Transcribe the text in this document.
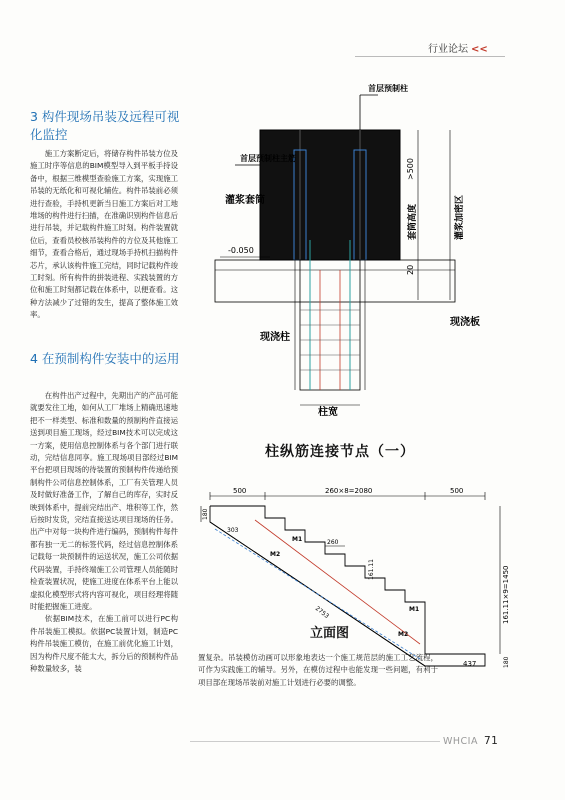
行业论坛 <<
3 构件现场吊装及远程可视化监控

施工方案断定后，将储存构件吊装方位及施工时序等信息的BIM模型导入到平板手持设备中，根据三维模型查验施工方案，实现施工吊装的无纸化和可视化辅佐。构件吊装前必须进行查验，手持机更新当日施工方案后对工地堆场的构件进行扫描，在准确识别构件信息后进行吊装，并记载构件施工时刻。构件装置就位后，查看员校核吊装构件的方位及其他施工细节，查看合格后，通过现场手持机扫描构件芯片，承认该构件施工完结，同时记载构件竣工时刻。所有构件的拼装进程、实践装置的方位和施工时刻都记载在体系中，以便查看。这种方法减少了过错的发生，提高了整体施工效率。

4 在预制构件安装中的运用

在构件出产过程中，先期出产的产品可能就要发往工地，如何从工厂堆场上精确迅速地把不一样类型、标准和数量的预制构件直接运送到项目施工现场，经过BIM技术可以完成这一方案，使用信息控制体系与各个部门进行联动，完结信息同享。施工现场项目部经过BIM平台把项目现场的待装置的预制构件传递给预制构件公司信息控制体系，工厂有关管理人员及时做好准备工作，了解自己的库存，实时反映到体系中，提前完结出产、堆积等工作，然后按时发货，完结直接送达项目现场的任务。出产中对每一块构件进行编码，预制构件每件都有独一无二的标签代码，经过信息控制体系记载每一块预制件的运送状况，施工公司依据代码装置，手持终端施工公司管理人员能随时检查装置状况，使施工进度在体系平台上能以虚拟化模型形式将内容可视化，项目经理将随时能把握施工进度。

依据BIM技术，在施工前可以进行PC构件吊装施工模拟。依据PC装置计划，制造PC构件吊装施工模仿，在施工前优化施工计划，因为构件尺度不能太大，拆分后的预制构件品种数量较多，装

置复杂。吊装模仿动画可以形象地表达一个施工规范层的施工工艺流程，可作为实践施工的辅导。另外，在模仿过程中也能发现一些问题，有利于项目部在现场吊装前对施工计划进行必要的调整。

首层预制柱
首层预制柱主筋
灌浆套筒
-0.050
现浇柱
现浇板
柱宽
套筒高度	灌浆加密区
>500
20
柱纵筋连接节点（一）
500	260×8=2080	500
180
161.11×9=1450
180
260
161.11
303
2753
437
M1
M2
M1
M2
立面图
WHCIA 71
